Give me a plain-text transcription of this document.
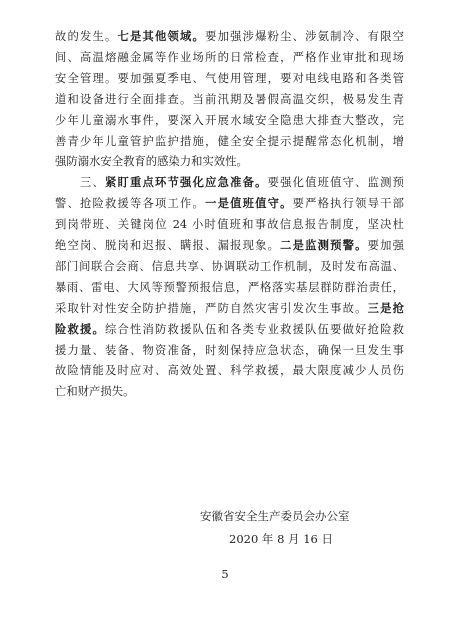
故的发生。七是其他领域。要加强涉爆粉尘、涉氨制冷、有限空
间、高温熔融金属等作业场所的日常检查，严格作业审批和现场
安全管理。要加强夏季电、气使用管理，要对电线电路和各类管
道和设备进行全面排查。当前汛期及暑假高温交织，极易发生青
少年儿童溺水事件，要深入开展水域安全隐患大排查大整改，完
善青少年儿童管护监护措施，健全安全提示提醒常态化机制，增
强防溺水安全教育的感染力和实效性。
　　三、紧盯重点环节强化应急准备。要强化值班值守、监测预
警、抢险救援等各项工作。一是值班值守。要严格执行领导干部
到岗带班、关键岗位 24 小时值班和事故信息报告制度，坚决杜
绝空岗、脱岗和迟报、瞒报、漏报现象。二是监测预警。要加强
部门间联合会商、信息共享、协调联动工作机制，及时发布高温、
暴雨、雷电、大风等预警预报信息，严格落实基层群防群治责任，
采取针对性安全防护措施，严防自然灾害引发次生事故。三是抢
险救援。综合性消防救援队伍和各类专业救援队伍要做好抢险救
援力量、装备、物资准备，时刻保持应急状态，确保一旦发生事
故险情能及时应对、高效处置、科学救援，最大限度减少人员伤
亡和财产损失。
安徽省安全生产委员会办公室
2020 年 8 月 16 日
5
